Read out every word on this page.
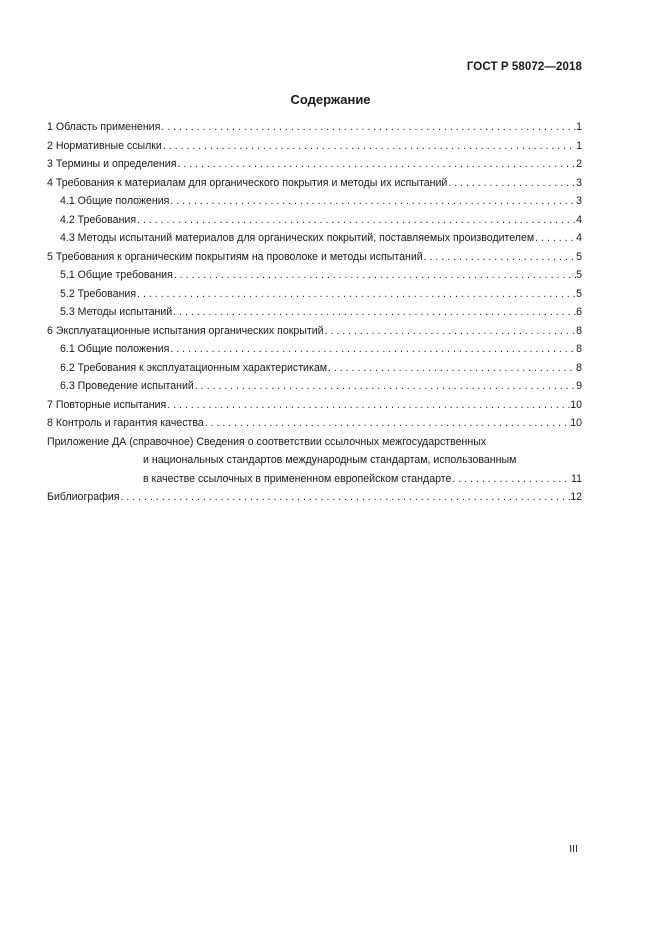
ГОСТ Р 58072—2018
Содержание
1 Область применения . . .	1
2 Нормативные ссылки . . .	1
3 Термины и определения . . .	2
4 Требования к материалам для органического покрытия и методы их испытаний . . .	3
4.1 Общие положения . . .	3
4.2 Требования . . .	4
4.3 Методы испытаний материалов для органических покрытий, поставляемых производителем . . .	4
5 Требования к органическим покрытиям на проволоке и методы испытаний . . .	5
5.1 Общие требования . . .	5
5.2 Требования . . .	5
5.3 Методы испытаний . . .	6
6 Эксплуатационные испытания органических покрытий . . .	8
6.1 Общие положения . . .	8
6.2 Требования к эксплуатационным характеристикам . . .	8
6.3 Проведение испытаний . . .	9
7 Повторные испытания . . .	10
8 Контроль и гарантия качества . . .	10
Приложение ДА (справочное) Сведения о соответствии ссылочных межгосударственных
и национальных стандартов международным стандартам, использованным
в качестве ссылочных в примененном европейском стандарте . . .	11
Библиография . . .	12
III
